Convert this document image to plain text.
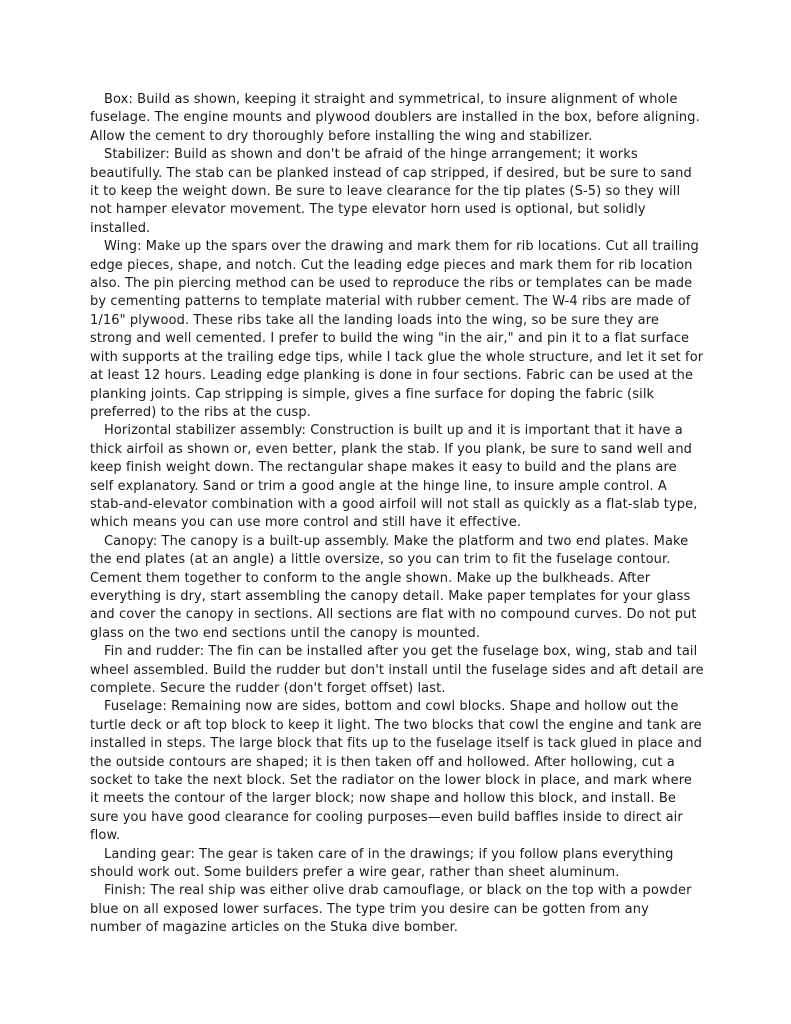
Box: Build as shown, keeping it straight and symmetrical, to insure alignment of whole fuselage. The engine mounts and plywood doublers are installed in the box, before aligning. Allow the cement to dry thoroughly before installing the wing and stabilizer.

Stabilizer: Build as shown and don't be afraid of the hinge arrangement; it works beautifully. The stab can be planked instead of cap stripped, if desired, but be sure to sand it to keep the weight down. Be sure to leave clearance for the tip plates (S-5) so they will not hamper elevator movement. The type elevator horn used is optional, but solidly installed.

Wing: Make up the spars over the drawing and mark them for rib locations. Cut all trailing edge pieces, shape, and notch. Cut the leading edge pieces and mark them for rib location also. The pin piercing method can be used to reproduce the ribs or templates can be made by cementing patterns to template material with rubber cement. The W-4 ribs are made of 1/16" plywood. These ribs take all the landing loads into the wing, so be sure they are strong and well cemented. I prefer to build the wing "in the air," and pin it to a flat surface with supports at the trailing edge tips, while I tack glue the whole structure, and let it set for at least 12 hours. Leading edge planking is done in four sections. Fabric can be used at the planking joints. Cap stripping is simple, gives a fine surface for doping the fabric (silk preferred) to the ribs at the cusp.

Horizontal stabilizer assembly: Construction is built up and it is important that it have a thick airfoil as shown or, even better, plank the stab. If you plank, be sure to sand well and keep finish weight down. The rectangular shape makes it easy to build and the plans are self explanatory. Sand or trim a good angle at the hinge line, to insure ample control. A stab-and-elevator combination with a good airfoil will not stall as quickly as a flat-slab type, which means you can use more control and still have it effective.

Canopy: The canopy is a built-up assembly. Make the platform and two end plates. Make the end plates (at an angle) a little oversize, so you can trim to fit the fuselage contour. Cement them together to conform to the angle shown. Make up the bulkheads. After everything is dry, start assembling the canopy detail. Make paper templates for your glass and cover the canopy in sections. All sections are flat with no compound curves. Do not put glass on the two end sections until the canopy is mounted.

Fin and rudder: The fin can be installed after you get the fuselage box, wing, stab and tail wheel assembled. Build the rudder but don't install until the fuselage sides and aft detail are complete. Secure the rudder (don't forget offset) last.

Fuselage: Remaining now are sides, bottom and cowl blocks. Shape and hollow out the turtle deck or aft top block to keep it light. The two blocks that cowl the engine and tank are installed in steps. The large block that fits up to the fuselage itself is tack glued in place and the outside contours are shaped; it is then taken off and hollowed. After hollowing, cut a socket to take the next block. Set the radiator on the lower block in place, and mark where it meets the contour of the larger block; now shape and hollow this block, and install. Be sure you have good clearance for cooling purposes—even build baffles inside to direct air flow.

Landing gear: The gear is taken care of in the drawings; if you follow plans everything should work out. Some builders prefer a wire gear, rather than sheet aluminum.

Finish: The real ship was either olive drab camouflage, or black on the top with a powder blue on all exposed lower surfaces. The type trim you desire can be gotten from any number of magazine articles on the Stuka dive bomber.
